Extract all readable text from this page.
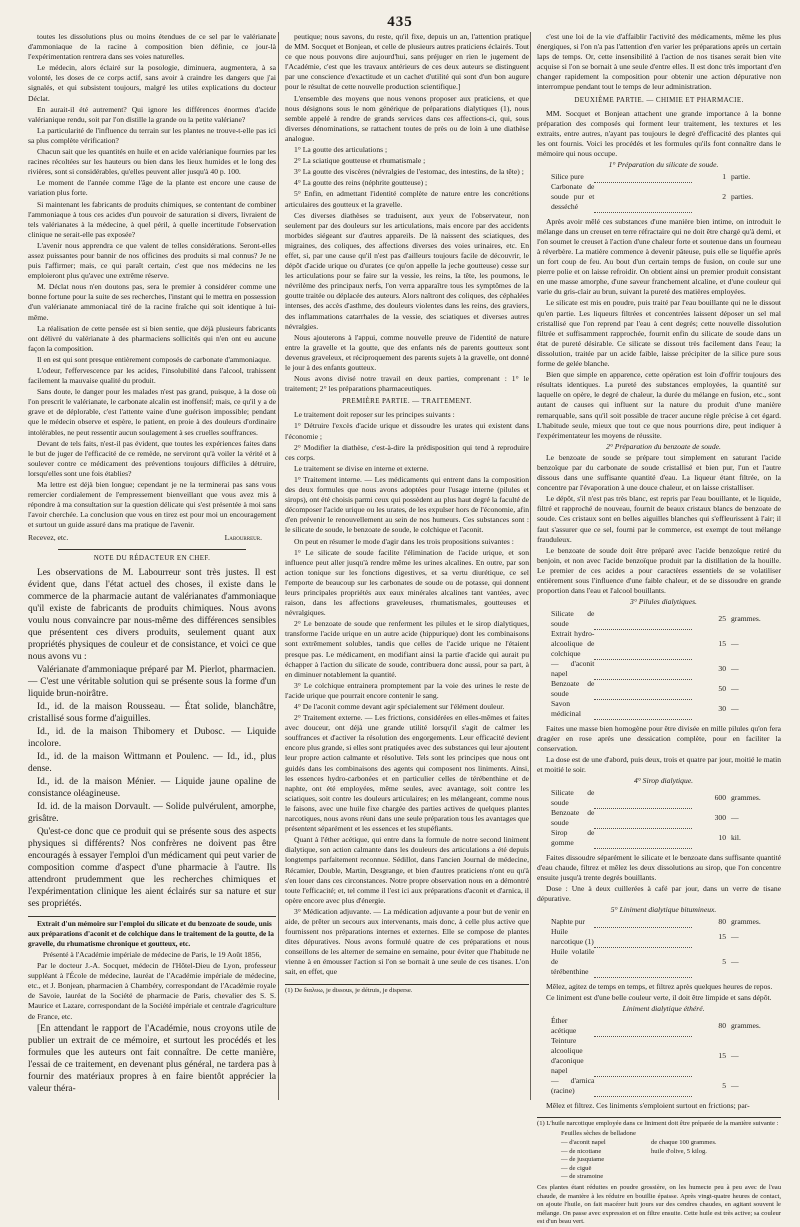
435

toutes les dissolutions plus ou moins étendues de ce sel par le valérianate d'ammoniaque de la racine à composition bien définie, ce jour-là l'expérimentation rentrera dans ses voies naturelles.

Le médecin, alors éclairé sur la posologie, diminuera, augmentera, à sa volonté, les doses de ce corps actif, sans avoir à craindre les dangers que j'ai signalés, et qui subsistent toujours, malgré les utiles explications du docteur Déclat.

En aurait-il été autrement? Qui ignore les différences énormes d'acide valérianique rendu, soit par l'on distille la grande ou la petite valériane?

La particularité de l'influence du terrain sur les plantes ne trouve-t-elle pas ici sa plus complète vérification?

Chacun sait que les quantités en huile et en acide valérianique fournies par les racines récoltées sur les hauteurs ou bien dans les lieux humides et le long des rivières, sont si considérables, qu'elles peuvent aller jusqu'à 40 p. 100.

Le moment de l'année comme l'âge de la plante est encore une cause de variation plus forte.

Si maintenant les fabricants de produits chimiques, se contentant de combiner l'ammoniaque à tous ces acides d'un pouvoir de saturation si divers, livraient de tels valérianates à la médecine, à quel péril, à quelle incertitude l'observation clinique ne serait-elle pas exposée?

L'avenir nous apprendra ce que valent de telles considérations. Seront-elles assez puissantes pour bannir de nos officines des produits si mal connus? Je ne puis l'affirmer; mais, ce qui paraît certain, c'est que nos médecins ne les emploieront plus qu'avec une extrême réserve.

M. Déclat nous n'en doutons pas, sera le premier à considérer comme une bonne fortune pour la suite de ses recherches, l'instant qui le mettra en possession d'un valérianate ammoniacal tiré de la racine fraîche qui soit identique à lui-même.

La réalisation de cette pensée est si bien sentie, que déjà plusieurs fabricants ont délivré du valérianate à des pharmaciens sollicités qui n'en ont eu aucune façon la composition.

Il en est qui sont presque entièrement composés de carbonate d'ammoniaque.

L'odeur, l'effervescence par les acides, l'insolubilité dans l'alcool, trahissent facilement la mauvaise qualité du produit.

Sans doute, le danger pour les malades n'est pas grand, puisque, à la dose où l'on prescrit le valérianate, le carbonate alcalin est inoffensif; mais, ce qu'il y a de grave et de déplorable, c'est l'attente vaine d'une guérison impossible; pendant que le médecin observe et espère, le patient, en proie à des douleurs d'ordinaire intolérables, ne peut ressentir aucun soulagement à ses cruelles souffrances.

Devant de tels faits, n'est-il pas évident, que toutes les expériences faites dans le but de juger de l'efficacité de ce remède, ne serviront qu'à voiler la vérité et à soulever contre ce médicament des préventions toujours difficiles à détruire, lorsqu'elles sont une fois établies?

Ma lettre est déjà bien longue; cependant je ne la terminerai pas sans vous remercier cordialement de l'empressement bienveillant que vous avez mis à répondre à ma consultation sur la question délicate qui s'est présentée à moi sans l'avoir cherchée. La conclusion que vous en tirez est pour moi un encouragement et surtout un guide assuré dans ma pratique de l'avenir.

Recevez, etc.	Labourreur.

NOTE DU RÉDACTEUR EN CHEF.

Les observations de M. Labourreur sont très justes. Il est évident que, dans l'état actuel des choses, il existe dans le commerce de la pharmacie autant de valérianates d'ammoniaque qu'il existe de fabricants de produits chimiques. Nous avons voulu nous convaincre par nous-même des différences sensibles que présentent ces divers produits, seulement quant aux propriétés physiques de couleur et de consistance, et voici ce que nous avons vu :

Valérianate d'ammoniaque préparé par M. Pierlot, pharmacien. — C'est une véritable solution qui se présente sous la forme d'un liquide brun-noirâtre.

Id., id. de la maison Rousseau. — État solide, blanchâtre, cristallisé sous forme d'aiguilles.

Id., id. de la maison Thibomery et Dubosc. — Liquide incolore.

Id., id. de la maison Wittmann et Poulenc. — Id., id., plus dense.

Id., id. de la maison Ménier. — Liquide jaune opaline de consistance oléagineuse.

Id. id. de la maison Dorvault. — Solide pulvérulent, amorphe, grisâtre.

Qu'est-ce donc que ce produit qui se présente sous des aspects physiques si différents? Nos confrères ne doivent pas être encouragés à essayer l'emploi d'un médicament qui peut varier de composition comme d'aspect d'une pharmacie à l'autre. Ils attendront prudemment que les recherches chimiques et l'expérimentation clinique les aient éclairés sur sa nature et sur ses propriétés.

Extrait d'un mémoire sur l'emploi du silicate et du benzoate de soude, unis aux préparations d'aconit et de colchique dans le traitement de la goutte, de la gravelle, du rhumatisme chronique et goutteux, etc.

Présenté à l'Académie impériale de médecine de Paris, le 19 Août 1856,

Par le docteur J.-A. Socquet, médecin de l'Hôtel-Dieu de Lyon, professeur suppléant à l'École de médecine, lauréat de l'Académie impériale de médecine, etc., et J. Bonjean, pharmacien à Chambéry, correspondant de l'Académie royale de Savoie, lauréat de la Société de pharmacie de Paris, chevalier des S. S. Maurice et Lazare, correspondant de la Société impériale et centrale d'agriculture de France, etc.

[En attendant le rapport de l'Académie, nous croyons utile de publier un extrait de ce mémoire, et surtout les procédés et les formules que les auteurs ont fait connaître. De cette manière, l'essai de ce traitement, en devenant plus général, ne tardera pas à fournir des matériaux propres à en faire bientôt apprécier la valeur théra-

peutique; nous savons, du reste, qu'il fixe, depuis un an, l'attention pratique de MM. Socquet et Bonjean, et celle de plusieurs autres praticiens éclairés. Tout ce que nous pouvons dire aujourd'hui, sans préjuger en rien le jugement de l'Académie, c'est que les travaux antérieurs de ces deux auteurs se distinguent par une conscience d'exactitude et un cachet d'utilité qui sont d'un bon augure pour le résultat de cette nouvelle production scientifique.]

L'ensemble des moyens que nous venons proposer aux praticiens, et que nous désignons sous le nom générique de préparations dialytiques (1), nous semble appelé à rendre de grands services dans ces affections-ci, qui, sous diverses dénominations, se rattachent toutes de près ou de loin à une diathèse analogue.

1° La goutte des articulations ;

2° La sciatique goutteuse et rhumatismale ;

3° La goutte des viscères (névralgies de l'estomac, des intestins, de la tête) ;

4° La goutte des reins (néphrite goutteuse) ;

5° Enfin, en admettant l'identité complète de nature entre les concrétions articulaires des goutteux et la gravelle.

Ces diverses diathèses se traduisent, aux yeux de l'observateur, non seulement par des douleurs sur les articulations, mais encore par des accidents morbides siégeant sur d'autres appareils. De là naissent des sciatiques, des migraines, des coliques, des affections diverses des voies urinaires, etc. En effet, si, par une cause qu'il n'est pas d'ailleurs toujours facile de découvrir, le dépôt d'acide urique ou d'urates (ce qu'on appelle la jeche goutteuse) cesse sur les articulations pour se faire sur la vessie, les reins, la tête, les poumons, le névrilème des principaux nerfs, l'on verra apparaître tous les symptômes de la goutte traitée ou déplacée des auteurs. Alors naîtront des coliques, des céphalées intenses, des accès d'asthme, des douleurs violentes dans les reins, des graviers, des inflammations catarrhales de la vessie, des sciatiques et diverses autres névralgies.

Nous ajouterons à l'appui, comme nouvelle preuve de l'identité de nature entre la gravelle et la goutte, que des enfants nés de parents goutteux sont devenus graveleux, et réciproquement des parents sujets à la gravelle, ont donné le jour à des enfants goutteux.

Nous avons divisé notre travail en deux parties, comprenant : 1° le traitement; 2° les préparations pharmaceutiques.

PREMIÈRE PARTIE. — TRAITEMENT.

Le traitement doit reposer sur les principes suivants :

1° Détruire l'excès d'acide urique et dissoudre les urates qui existent dans l'économie ;

2° Modifier la diathèse, c'est-à-dire la prédisposition qui tend à reproduire ces corps.

Le traitement se divise en interne et externe.

1° Traitement interne. — Les médicaments qui entrent dans la composition des deux formules que nous avons adoptées pour l'usage interne (pilules et sirops), ont été choisis parmi ceux qui possèdent au plus haut degré la faculté de décomposer l'acide urique ou les urates, de les expulser hors de l'économie, afin d'en prévenir le renouvellement au sein de nos humeurs. Ces substances sont : le silicate de soude, le benzoate de soude, le colchique et l'aconit.

On peut en résumer le mode d'agir dans les trois propositions suivantes :

1° Le silicate de soude facilite l'élimination de l'acide urique, et son influence peut aller jusqu'à rendre même les urines alcalines. En outre, par son action tonique sur les fonctions digestives, et sa vertu diurétique, ce sel l'emporte de beaucoup sur les carbonates de soude ou de potasse, qui donnent leurs principales propriétés aux eaux minérales alcalines tant vantées, avec raison, dans les affections graveleuses, rhumatismales, goutteuses et névralgiques.

2° Le benzoate de soude que renferment les pilules et le sirop dialytiques, transforme l'acide urique en un autre acide (hippurique) dont les combinaisons sont extrêmement solubles, tandis que celles de l'acide urique ne l'étaient presque pas. Le médicament, en modifiant ainsi la partie d'acide qui aurait pu échapper à l'action du silicate de soude, contribuera donc aussi, pour sa part, à en diminuer notablement la quantité.

3° Le colchique entrainera promptement par la voie des urines le reste de l'acide urique que pourrait encore contenir le sang.

4° De l'aconit comme devant agir spécialement sur l'élément douleur.

2° Traitement externe. — Les frictions, considérées en elles-mêmes et faites avec douceur, ont déjà une grande utilité lorsqu'il s'agit de calmer les souffrances et d'activer la résolution des engorgements. Leur efficacité devient encore plus grande, si elles sont pratiquées avec des substances qui leur ajoutent leur propre action calmante et résolutive. Tels sont les principes que nous ont guidés dans les combinaisons des agents qui composent nos liniments. Ainsi, les essences hydro-carbonées et en particulier celles de térébenthine et de naphte, ont été employées, même seules, avec avantage, soit contre les sciatiques, soit contre les douleurs articulaires; en les mélangeant, comme nous le faisons, avec une huile fixe chargée des parties actives de quelques plantes narcotiques, nous avons réuni dans une seule préparation tous les avantages que présentent séparément et les essences et les stupéfiants.

Quant à l'éther acétique, qui entre dans la formule de notre second liniment dialytique, son action calmante dans les douleurs des articulations a été depuis longtemps parfaitement reconnue. Sédillot, dans l'ancien Journal de médecine, Récamier, Double, Martin, Desgrange, et bien d'autres praticiens n'ont eu qu'à s'en louer dans ces circonstances. Notre propre observation nous en a démontré toute l'efficacité; et, tel comme il l'est ici aux préparations d'aconit et d'arnica, il opère encore avec plus d'énergie.

3° Médication adjuvante. — La médication adjuvante a pour but de venir en aide, de prêter un secours aux intervenants, mais donc, à celle plus active que fournissent nos préparations internes et externes. Elle se compose de plantes dites dépuratives. Nous avons formulé quatre de ces préparations et nous conseillons de les alterner de semaine en semaine, pour éviter que l'habitude ne vienne à en émousser l'action si l'on se bornait à une seule de ces tisanes. L'on sait, en effet, que

(1) De διαλυω, je dissous, je détruis, je disperse.

c'est une loi de la vie d'affaiblir l'activité des médicaments, même les plus énergiques, si l'on n'a pas l'attention d'en varier les préparations après un certain laps de temps. Or, cette insensibilité à l'action de nos tisanes serait bien vite acquise si l'on se bornait à une seule d'entre elles. Il est donc très important d'en changer rapidement la composition pour obtenir une action dépurative non interrompue pendant tout le temps de leur administration.

DEUXIÈME PARTIE. — CHIMIE ET PHARMACIE.

MM. Socquet et Bonjean attachent une grande importance à la bonne préparation des composés qui forment leur traitement, les textures et les extraits, entre autres, n'ayant pas toujours le degré d'efficacité des plantes qui les ont fournis. Voici les procédés et les formules qu'ils font connaître dans le mémoire qui nous occupe.

1° Préparation du silicate de soude.

Silice pure		1	partie.
Carbonate de soude pur et desséché		2	parties.

Après avoir mêlé ces substances d'une manière bien intime, on introduit le mélange dans un creuset en terre réfractaire qui ne doit être chargé qu'à demi, et l'on soumet le creuset à l'action d'une chaleur forte et soutenue dans un fourneau à réverbère. La matière commence à devenir pâteuse, puis elle se liquéfie après un fort coup de feu. Au bout d'un certain temps de fusion, on coule sur une pierre polie et on laisse refroidir. On obtient ainsi un premier produit consistant en une masse amorphe, d'une saveur franchement alcaline, et d'une couleur qui varie du gris-clair au brun, suivant la pureté des matières employées.

Le silicate est mis en poudre, puis traité par l'eau bouillante qui ne le dissout qu'en partie. Les liqueurs filtrées et concentrées laissent déposer un sel mal cristallisé que l'on reprend par l'eau à cent degrés; cette nouvelle dissolution filtrée et suffisamment rapprochée, fournit enfin du silicate de soude dans un état de pureté désirable. Ce silicate se dissout très facilement dans l'eau; la dissolution, traitée par un acide faible, laisse précipiter de la silice pure sous forme de gelée blanche.

Bien que simple en apparence, cette opération est loin d'offrir toujours des résultats identiques. La pureté des substances employées, la quantité sur laquelle on opère, le degré de chaleur, la durée du mélange en fusion, etc., sont autant de causes qui influent sur la nature du produit d'une manière remarquable, sans qu'il soit possible de tracer aucune règle précise à cet égard. L'habitude seule, mieux que tout ce que nous pourrions dire, peut indiquer à l'expérimentateur les moyens de réussite.

2° Préparation du benzoate de soude.

Le benzoate de soude se prépare tout simplement en saturant l'acide benzoïque par du carbonate de soude cristallisé et bien pur, l'un et l'autre dissous dans une suffisante quantité d'eau. La liqueur étant filtrée, on la concentre par l'évaporation à une douce chaleur, et on laisse cristalliser.

Le dépôt, s'il n'est pas très blanc, est repris par l'eau bouillante, et le liquide, filtré et rapproché de nouveau, fournit de beaux cristaux blancs de benzoate de soude. Ces cristaux sont en belles aiguilles blanches qui s'effleurissent à l'air; il faut s'assurer que ce sel, fourni par le commerce, est exempt de tout mélange frauduleux.

Le benzoate de soude doit être préparé avec l'acide benzoïque retiré du benjoin, et non avec l'acide benzoïque produit par la distillation de la houille. Le premier de ces acides a pour caractères essentiels de se volatiliser entièrement sous l'influence d'une faible chaleur, et de se dissoudre en grande proportion dans l'eau et l'alcool bouillants.

3° Pilules dialytiques.

Silicate de soude		25	grammes.
Extrait hydro-alcoolique de colchique		15	—
— d'aconit napel		30	—
Benzoate de soude		50	—
Savon médicinal		30	—

Faites une masse bien homogène pour être divisée en mille pilules qu'on fera dragéer en rose après une dessication complète, pour en faciliter la conservation.

La dose est de une d'abord, puis deux, trois et quatre par jour, moitié le matin et moitié le soir.

4° Sirop dialytique.

Silicate de soude		600	grammes.
Benzoate de soude		300	—
Sirop de gomme		10	kil.

Faites dissoudre séparément le silicate et le benzoate dans suffisante quantité d'eau chaude, filtrez et mêlez les deux dissolutions au sirop, que l'on concentre ensuite jusqu'à trente degrés bouillants.

Dose : Une à deux cuillerées à café par jour, dans un verre de tisane dépurative.

5° Liniment dialytique bitumineux.

Naphte pur		80	grammes.
Huile narcotique (1)		15	—
Huile volatile de térébenthine		5	—

Mêlez, agitez de temps en temps, et filtrez après quelques heures de repos.

Ce liniment est d'une belle couleur verte, il doit être limpide et sans dépôt.

Liniment dialytique éthéré.

Éther acétique		80	grammes.
Teinture alcoolique d'aconique napel		15	—
— d'arnica (racine)		5	—

Mêlez et filtrez. Ces liniments s'emploient surtout en frictions; par-

(1) L'huile narcotique employée dans ce liniment doit être préparée de la manière suivante :
Feuilles sèches de belladone
— d'aconit napel	de chaque 100 grammes.
— de nicotiane	huile d'olive, 5 kilog.
— de jusquiame
— de ciguë
— de stramoine
Ces plantes étant réduites en poudre grossière, on les humecte peu à peu avec de l'eau chaude, de manière à les réduire en bouillie épaisse. Après vingt-quatre heures de contact, on ajoute l'huile, on fait macérer huit jours sur des cendres chaudes, en agitant souvent le mélange. On passe avec expression et on filtre ensuite. Cette huile est très active; sa couleur est d'un beau vert.
